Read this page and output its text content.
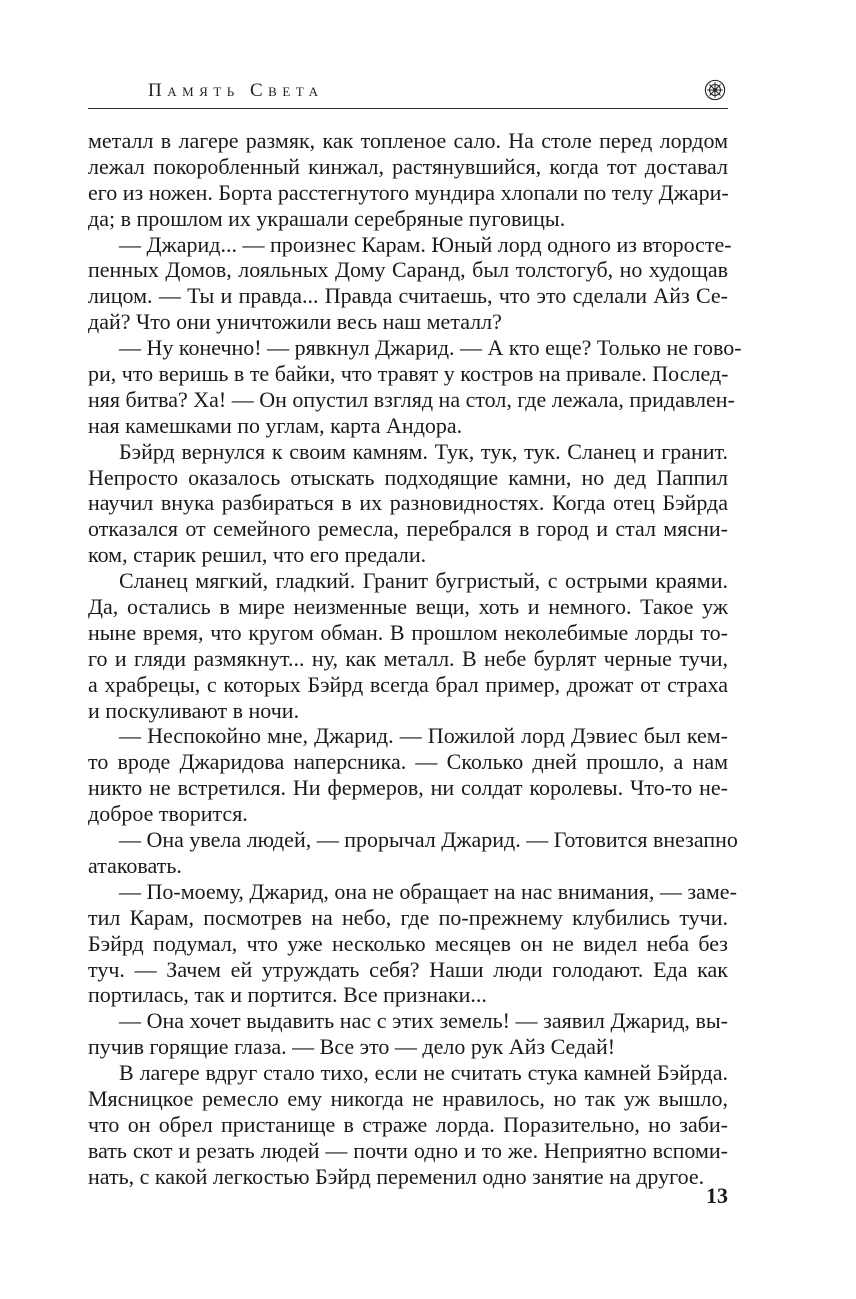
Память Света

металл в лагере размяк, как топленое сало. На столе перед лордом
лежал покоробленный кинжал, растянувшийся, когда тот доставал
его из ножен. Борта расстегнутого мундира хлопали по телу Джари-
да; в прошлом их украшали серебряные пуговицы.

— Джарид... — произнес Карам. Юный лорд одного из второсте-
пенных Домов, лояльных Дому Саранд, был толстогуб, но худощав
лицом. — Ты и правда... Правда считаешь, что это сделали Айз Се-
дай? Что они уничтожили весь наш металл?

— Ну конечно! — рявкнул Джарид. — А кто еще? Только не гово-
ри, что веришь в те байки, что травят у костров на привале. Послед-
няя битва? Ха! — Он опустил взгляд на стол, где лежала, придавлен-
ная камешками по углам, карта Андора.

Бэйрд вернулся к своим камням. Тук, тук, тук. Сланец и гранит.
Непросто оказалось отыскать подходящие камни, но дед Паппил
научил внука разбираться в их разновидностях. Когда отец Бэйрда
отказался от семейного ремесла, перебрался в город и стал мясни-
ком, старик решил, что его предали.

Сланец мягкий, гладкий. Гранит бугристый, с острыми краями.
Да, остались в мире неизменные вещи, хоть и немного. Такое уж
ныне время, что кругом обман. В прошлом неколебимые лорды то-
го и гляди размякнут... ну, как металл. В небе бурлят черные тучи,
а храбрецы, с которых Бэйрд всегда брал пример, дрожат от страха
и поскуливают в ночи.

— Неспокойно мне, Джарид. — Пожилой лорд Дэвиес был кем-
то вроде Джаридова наперсника. — Сколько дней прошло, а нам
никто не встретился. Ни фермеров, ни солдат королевы. Что-то не-
доброе творится.

— Она увела людей, — прорычал Джарид. — Готовится внезапно
атаковать.

— По-моему, Джарид, она не обращает на нас внимания, — заме-
тил Карам, посмотрев на небо, где по-прежнему клубились тучи.
Бэйрд подумал, что уже несколько месяцев он не видел неба без
туч. — Зачем ей утруждать себя? Наши люди голодают. Еда как
портилась, так и портится. Все признаки...

— Она хочет выдавить нас с этих земель! — заявил Джарид, вы-
пучив горящие глаза. — Все это — дело рук Айз Седай!

В лагере вдруг стало тихо, если не считать стука камней Бэйрда.
Мясницкое ремесло ему никогда не нравилось, но так уж вышло,
что он обрел пристанище в страже лорда. Поразительно, но заби-
вать скот и резать людей — почти одно и то же. Неприятно вспоми-
нать, с какой легкостью Бэйрд переменил одно занятие на другое.

13
